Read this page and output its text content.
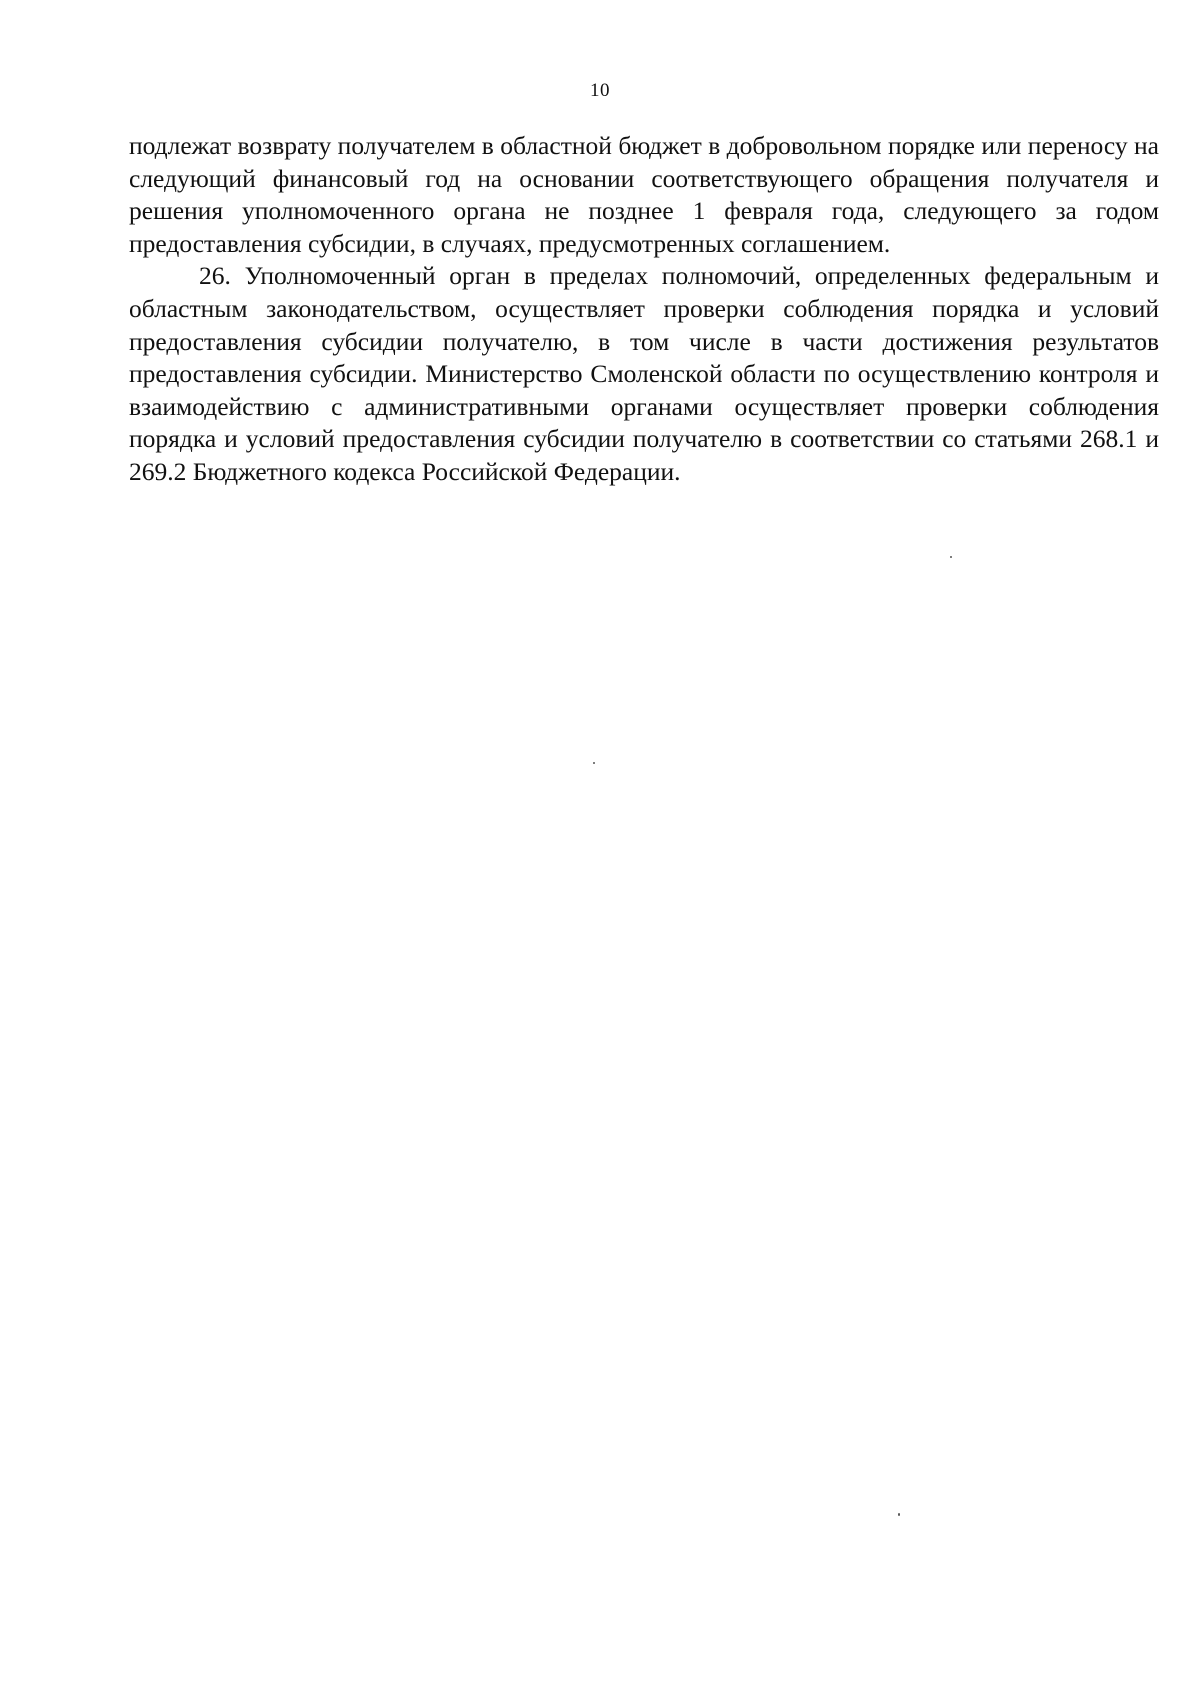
10

подлежат возврату получателем в областной бюджет в добровольном порядке или переносу на следующий финансовый год на основании соответствующего обращения получателя и решения уполномоченного органа не позднее 1 февраля года, следующего за годом предоставления субсидии, в случаях, предусмотренных соглашением.

26. Уполномоченный орган в пределах полномочий, определенных федеральным и областным законодательством, осуществляет проверки соблюдения порядка и условий предоставления субсидии получателю, в том числе в части достижения результатов предоставления субсидии. Министерство Смоленской области по осуществлению контроля и взаимодействию с административными органами осуществляет проверки соблюдения порядка и условий предоставления субсидии получателю в соответствии со статьями 268.1 и 269.2 Бюджетного кодекса Российской Федерации.
